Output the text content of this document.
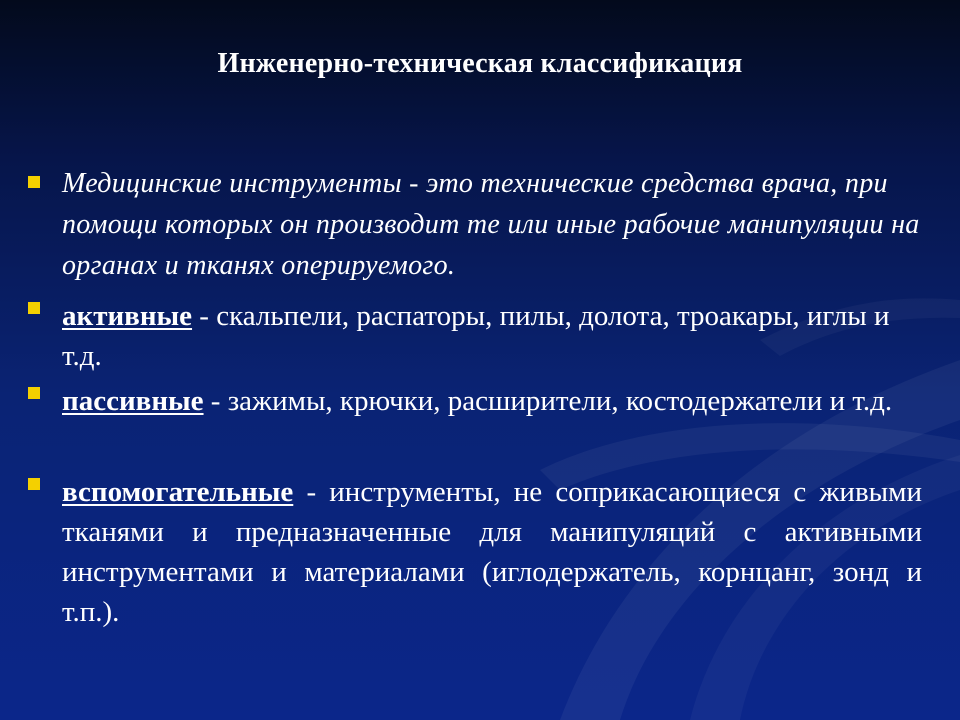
Инженерно-техническая классификация

Медицинские инструменты - это технические средства врача, при помощи которых он производит те или иные рабочие манипуляции на органах и тканях оперируемого.

активные - скальпели, распаторы, пилы, долота, троакары, иглы и т.д.

пассивные - зажимы, крючки, расширители, костодержатели и т.д.

вспомогательные - инструменты, не соприкасающиеся с живыми тканями и предназначенные для манипуляций с активными инструментами и материалами (иглодержатель, корнцанг, зонд и т.п.).
